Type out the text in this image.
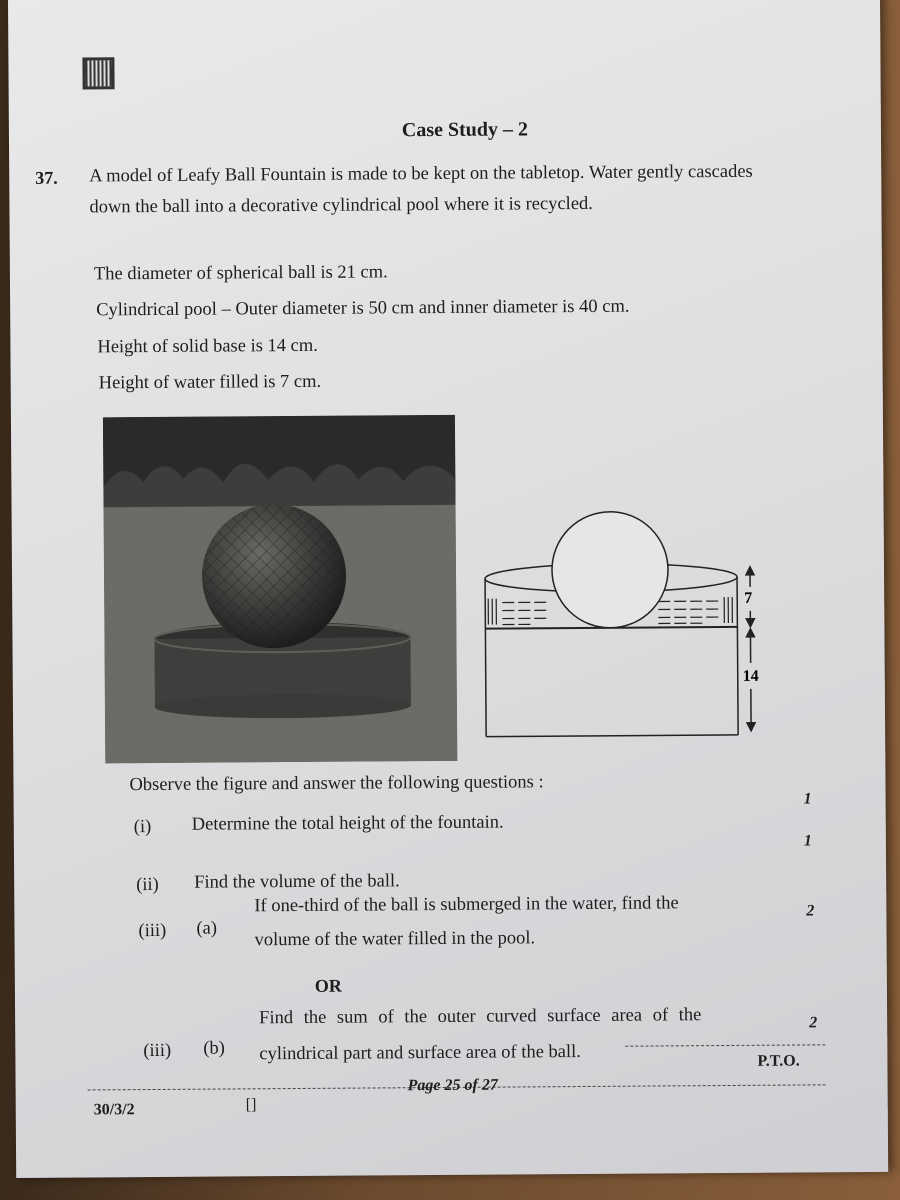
Case Study – 2
37. A model of Leafy Ball Fountain is made to be kept on the tabletop. Water gently cascades down the ball into a decorative cylindrical pool where it is recycled.
The diameter of spherical ball is 21 cm.
Cylindrical pool – Outer diameter is 50 cm and inner diameter is 40 cm.
Height of solid base is 14 cm.
Height of water filled is 7 cm.
7
14
Observe the figure and answer the following questions :
(i) Determine the total height of the fountain.
1
(ii) Find the volume of the ball.
1
(iii) (a)
If one-third of the ball is submerged in the water, find the
volume of the water filled in the pool.
2
OR
(iii) (b)
Find the sum of the outer curved surface area of the
cylindrical part and surface area of the ball.
2
P.T.O.
30/3/2	[]
Page 25 of 27
